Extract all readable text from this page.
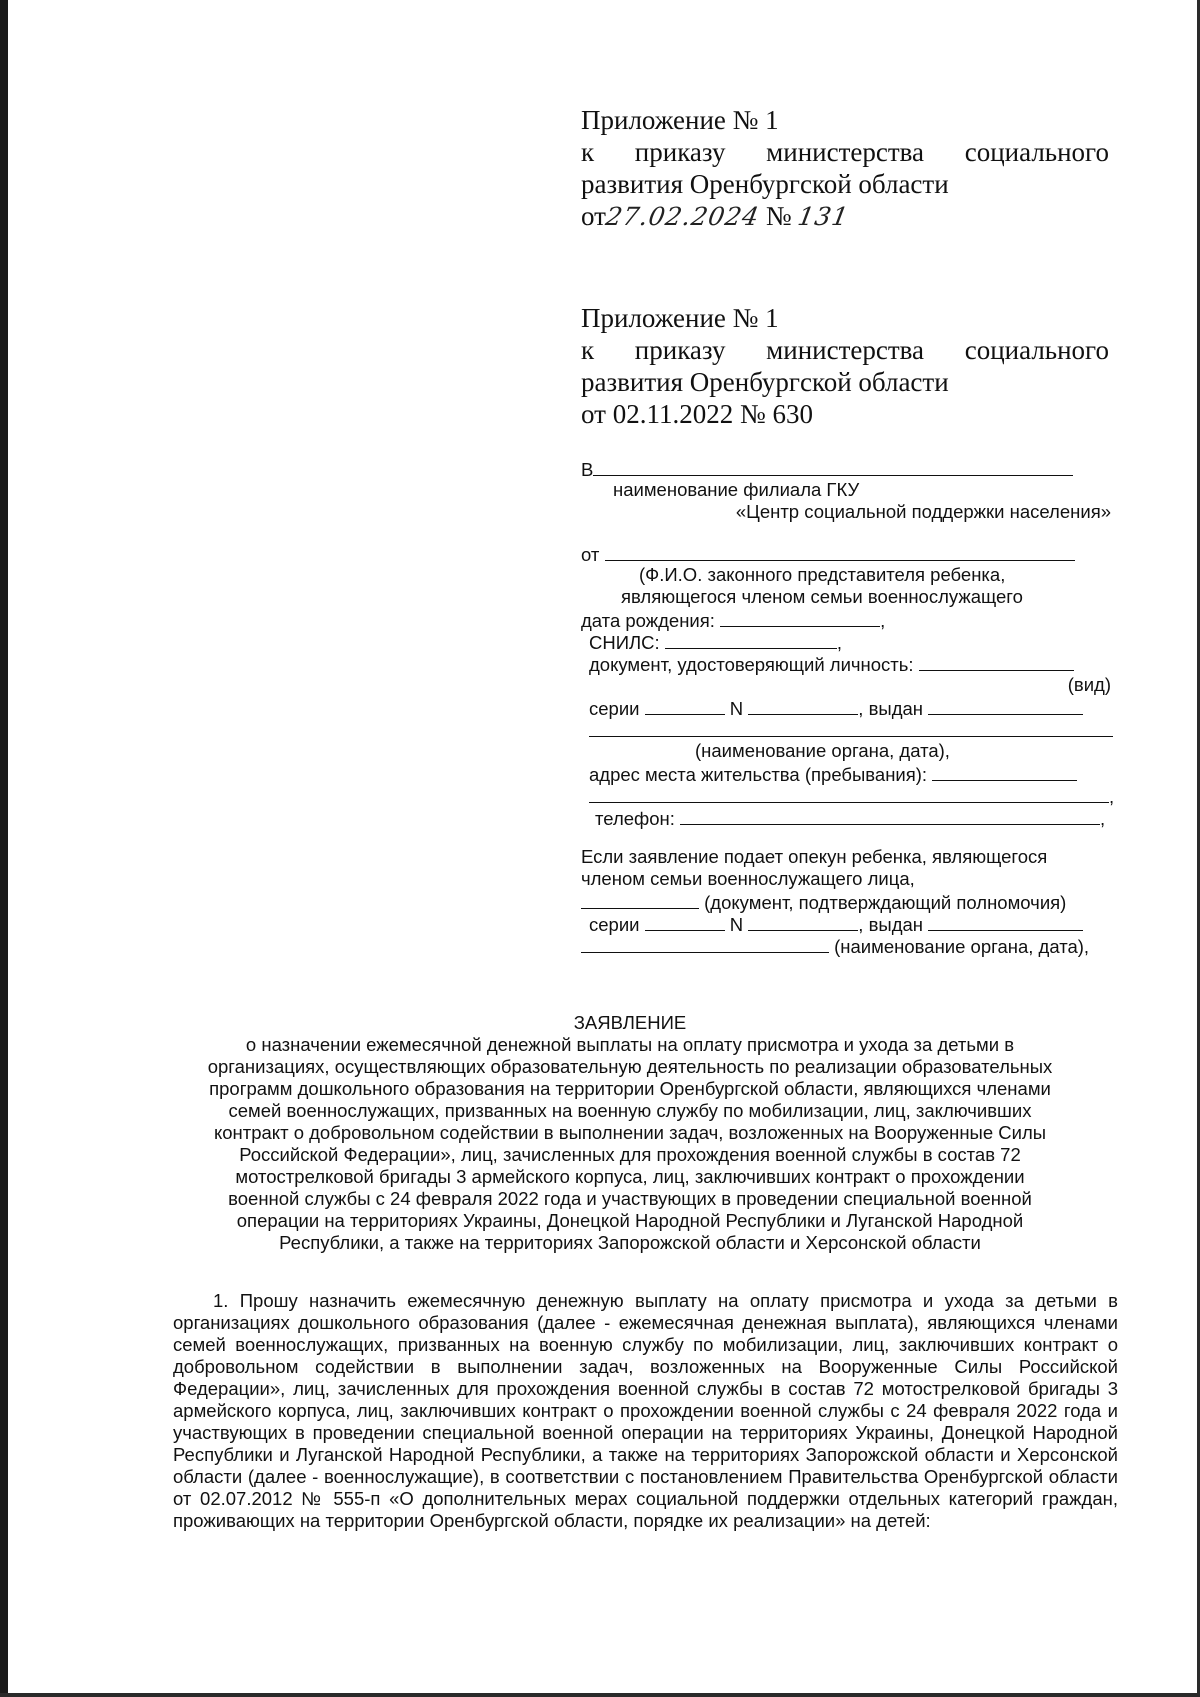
Приложение № 1
к приказу министерства социального
развития Оренбургской области
от27.02.2024 № 131
Приложение № 1
к приказу министерства социального
развития Оренбургской области
от 02.11.2022 № 630
В
наименование филиала ГКУ
«Центр социальной поддержки населения»
от
(Ф.И.О. законного представителя ребенка,
являющегося членом семьи военнослужащего
дата рождения:	,
СНИЛС:	,
документ, удостоверяющий личность:
(вид)
серии	N	, выдан
(наименование органа, дата),
адрес места жительства (пребывания):
,
телефон:	,
Если заявление подает опекун ребенка, являющегося
членом семьи военнослужащего лица,
(документ, подтверждающий полномочия)
серии	N	, выдан
(наименование органа, дата),
ЗАЯВЛЕНИЕ
о назначении ежемесячной денежной выплаты на оплату присмотра и ухода за детьми в
организациях, осуществляющих образовательную деятельность по реализации образовательных
программ дошкольного образования на территории Оренбургской области, являющихся членами
семей военнослужащих, призванных на военную службу по мобилизации, лиц, заключивших
контракт о добровольном содействии в выполнении задач, возложенных на Вооруженные Силы
Российской Федерации», лиц, зачисленных для прохождения военной службы в состав 72
мотострелковой бригады 3 армейского корпуса, лиц, заключивших контракт о прохождении
военной службы с 24 февраля 2022 года и участвующих в проведении специальной военной
операции на территориях Украины, Донецкой Народной Республики и Луганской Народной
Республики, а также на территориях Запорожской области и Херсонской области

1. Прошу назначить ежемесячную денежную выплату на оплату присмотра и ухода за детьми в организациях дошкольного образования (далее - ежемесячная денежная выплата), являющихся членами семей военнослужащих, призванных на военную службу по мобилизации, лиц, заключивших контракт о добровольном содействии в выполнении задач, возложенных на Вооруженные Силы Российской Федерации», лиц, зачисленных для прохождения военной службы в состав 72 мотострелковой бригады 3 армейского корпуса, лиц, заключивших контракт о прохождении военной службы с 24 февраля 2022 года и участвующих в проведении специальной военной операции на территориях Украины, Донецкой Народной Республики и Луганской Народной Республики, а также на территориях Запорожской области и Херсонской области (далее - военнослужащие), в соответствии с постановлением Правительства Оренбургской области от 02.07.2012 № 555-п «О дополнительных мерах социальной поддержки отдельных категорий граждан, проживающих на территории Оренбургской области, порядке их реализации» на детей:
